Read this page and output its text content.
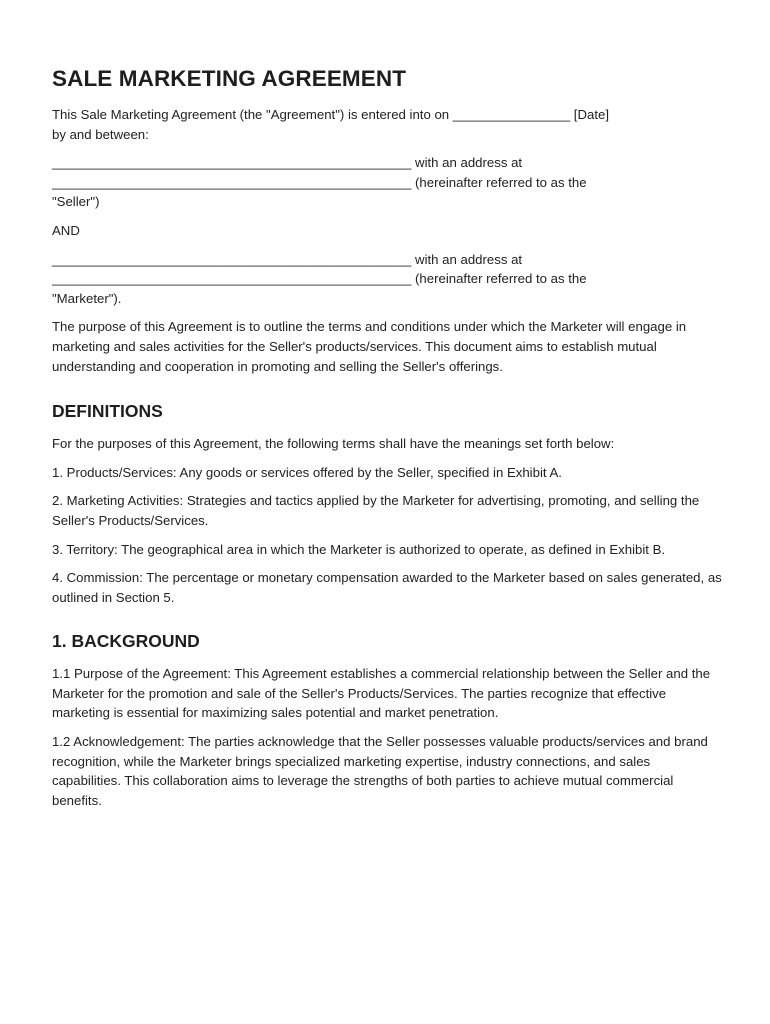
SALE MARKETING AGREEMENT

This Sale Marketing Agreement (the "Agreement") is entered into on ________________ [Date]
by and between:

_________________________________________________ with an address at
_________________________________________________ (hereinafter referred to as the
"Seller")

AND

_________________________________________________ with an address at
_________________________________________________ (hereinafter referred to as the
"Marketer").

The purpose of this Agreement is to outline the terms and conditions under which the Marketer will engage in marketing and sales activities for the Seller's products/services. This document aims to establish mutual understanding and cooperation in promoting and selling the Seller's offerings.

DEFINITIONS

For the purposes of this Agreement, the following terms shall have the meanings set forth below:

1. Products/Services: Any goods or services offered by the Seller, specified in Exhibit A.

2. Marketing Activities: Strategies and tactics applied by the Marketer for advertising, promoting, and selling the Seller's Products/Services.

3. Territory: The geographical area in which the Marketer is authorized to operate, as defined in Exhibit B.

4. Commission: The percentage or monetary compensation awarded to the Marketer based on sales generated, as outlined in Section 5.

1. BACKGROUND

1.1 Purpose of the Agreement: This Agreement establishes a commercial relationship between the Seller and the Marketer for the promotion and sale of the Seller's Products/Services. The parties recognize that effective marketing is essential for maximizing sales potential and market penetration.

1.2 Acknowledgement: The parties acknowledge that the Seller possesses valuable products/services and brand recognition, while the Marketer brings specialized marketing expertise, industry connections, and sales capabilities. This collaboration aims to leverage the strengths of both parties to achieve mutual commercial benefits.
